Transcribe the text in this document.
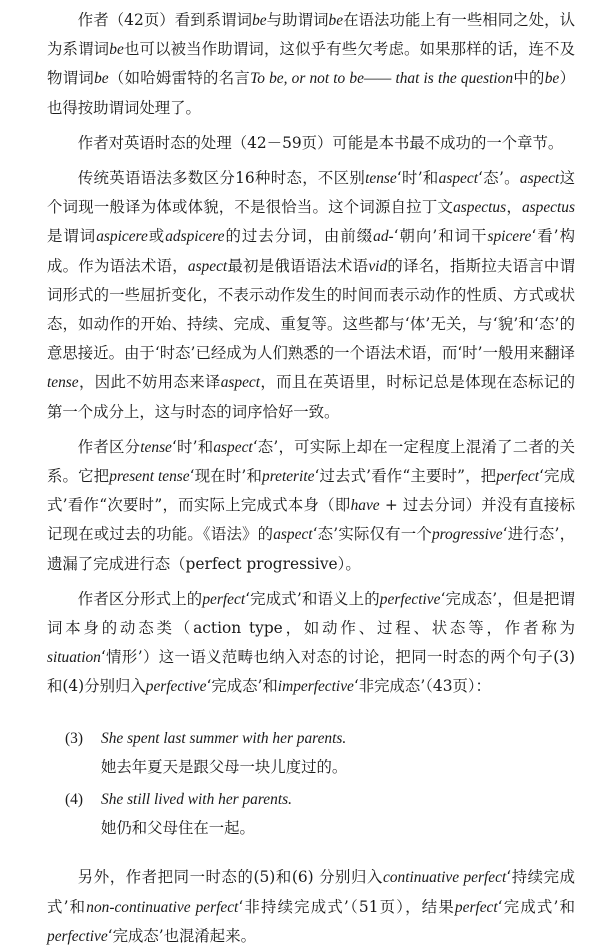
作者（42页）看到系谓词be与助谓词be在语法功能上有一些相同之处，认为系谓词be也可以被当作助谓词，这似乎有些欠考虑。如果那样的话，连不及物谓词be（如哈姆雷特的名言To be, or not to be—— that is the question中的be）也得按助谓词处理了。

作者对英语时态的处理（42－59页）可能是本书最不成功的一个章节。

传统英语语法多数区分16种时态，不区别tense‘时’和aspect‘态’。aspect这个词现一般译为体或体貌，不是很恰当。这个词源自拉丁文aspectus，aspectus是谓词aspicere或adspicere的过去分词，由前缀ad-‘朝向’和词干spicere‘看’构成。作为语法术语，aspect最初是俄语语法术语vid的译名，指斯拉夫语言中谓词形式的一些屈折变化，不表示动作发生的时间而表示动作的性质、方式或状态，如动作的开始、持续、完成、重复等。这些都与‘体’无关，与‘貌’和‘态’的意思接近。由于‘时态’已经成为人们熟悉的一个语法术语，而‘时’一般用来翻译tense，因此不妨用态来译aspect，而且在英语里，时标记总是体现在态标记的第一个成分上，这与时态的词序恰好一致。

作者区分tense‘时’和aspect‘态’，可实际上却在一定程度上混淆了二者的关系。它把present tense‘现在时’和preterite‘过去式’看作“主要时”，把perfect‘完成式’看作“次要时”，而实际上完成式本身（即have + 过去分词）并没有直接标记现在或过去的功能。《语法》的aspect‘态’实际仅有一个progressive‘进行态’，遗漏了完成进行态（perfect progressive）。

作者区分形式上的perfect‘完成式’和语义上的perfective‘完成态’，但是把谓词本身的动态类（action type，如动作、过程、状态等，作者称为situation‘情形’）这一语义范畴也纳入对态的讨论，把同一时态的两个句子(3)和(4)分别归入perfective‘完成态’和imperfective‘非完成态’（43页）：

(3)	She spent last summer with her parents.
她去年夏天是跟父母一块儿度过的。
(4)	She still lived with her parents.
她仍和父母住在一起。

另外，作者把同一时态的(5)和(6) 分别归入continuative perfect‘持续完成式’和non-continuative perfect‘非持续完成式’（51页），结果perfect‘完成式’和perfective‘完成态’也混淆起来。
